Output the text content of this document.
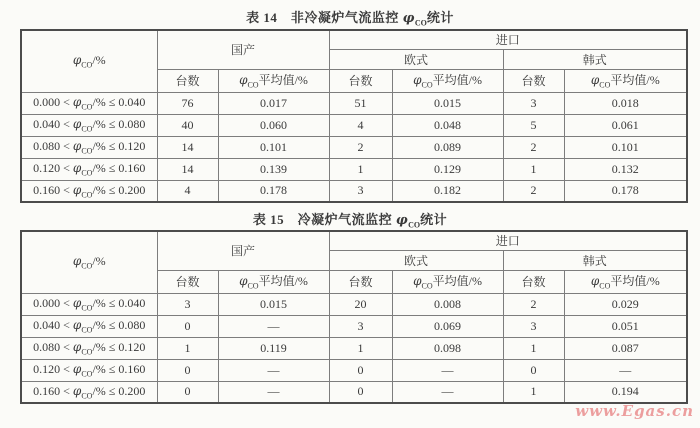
表 14　非冷凝炉气流监控 $\varphi_{CO}$统计
$\varphi_{CO}/\%$	国产		进口			
			欧式		韩式	
	台数	$\varphi_{CO}$平均值/%	台数	$\varphi_{CO}$平均值/%	台数	$\varphi_{CO}$平均值/%
$0.000 < \varphi_{CO}/\% \le 0.040$	76	0.017	51	0.015	3	0.018
$0.040 < \varphi_{CO}/\% \le 0.080$	40	0.060	4	0.048	5	0.061
$0.080 < \varphi_{CO}/\% \le 0.120$	14	0.101	2	0.089	2	0.101
$0.120 < \varphi_{CO}/\% \le 0.160$	14	0.139	1	0.129	1	0.132
$0.160 < \varphi_{CO}/\% \le 0.200$	4	0.178	3	0.182	2	0.178
表 15　冷凝炉气流监控 $\varphi_{CO}$统计
$\varphi_{CO}/\%$	国产		进口			
			欧式		韩式	
	台数	$\varphi_{CO}$平均值/%	台数	$\varphi_{CO}$平均值/%	台数	$\varphi_{CO}$平均值/%
$0.000 < \varphi_{CO}/\% \le 0.040$	3	0.015	20	0.008	2	0.029
$0.040 < \varphi_{CO}/\% \le 0.080$	0	—	3	0.069	3	0.051
$0.080 < \varphi_{CO}/\% \le 0.120$	1	0.119	1	0.098	1	0.087
$0.120 < \varphi_{CO}/\% \le 0.160$	0	—	0	—	0	—
$0.160 < \varphi_{CO}/\% \le 0.200$	0	—	0	—	1	0.194
www.Egas.cn
